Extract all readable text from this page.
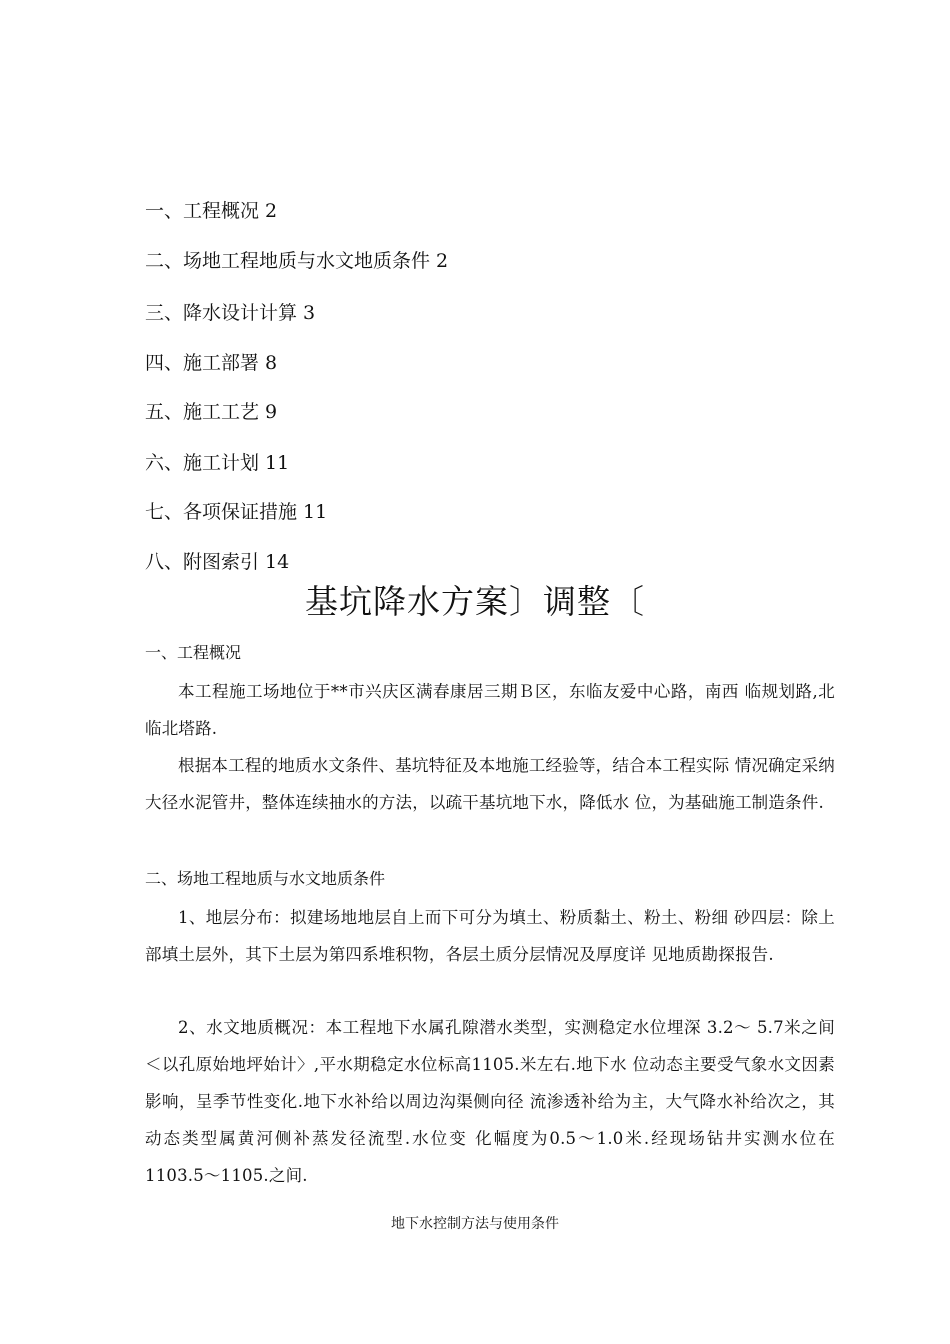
一、工程概况 2
二、场地工程地质与水文地质条件 2
三、降水设计计算 3
四、施工部署 8
五、施工工艺 9
六、施工计划 11
七、各项保证措施 11
八、附图索引 14
基坑降水方案〕调整〔
一、工程概况
本工程施工场地位于**市兴庆区满春康居三期Ｂ区，东临友爱中心路，南西 临规划路,北临北塔路.
根据本工程的地质水文条件、基坑特征及本地施工经验等，结合本工程实际 情况确定采纳大径水泥管井，整体连续抽水的方法，以疏干基坑地下水，降低水 位，为基础施工制造条件.
二、场地工程地质与水文地质条件
1、地层分布：拟建场地地层自上而下可分为填土、粉质黏土、粉土、粉细 砂四层：除上部填土层外，其下土层为第四系堆积物，各层土质分层情况及厚度详 见地质勘探报告.
2、水文地质概况：本工程地下水属孔隙潜水类型，实测稳定水位埋深 3.2〜 5.7米之间＜以孔原始地坪始计〉,平水期稳定水位标高1105.米左右.地下水 位动态主要受气象水文因素影响，呈季节性变化.地下水补给以周边沟渠侧向径 流渗透补给为主，大气降水补给次之，其动态类型属黄河侧补蒸发径流型.水位变 化幅度为0.5〜1.0米.经现场钻井实测水位在1103.5〜1105.之间.
地下水控制方法与使用条件
